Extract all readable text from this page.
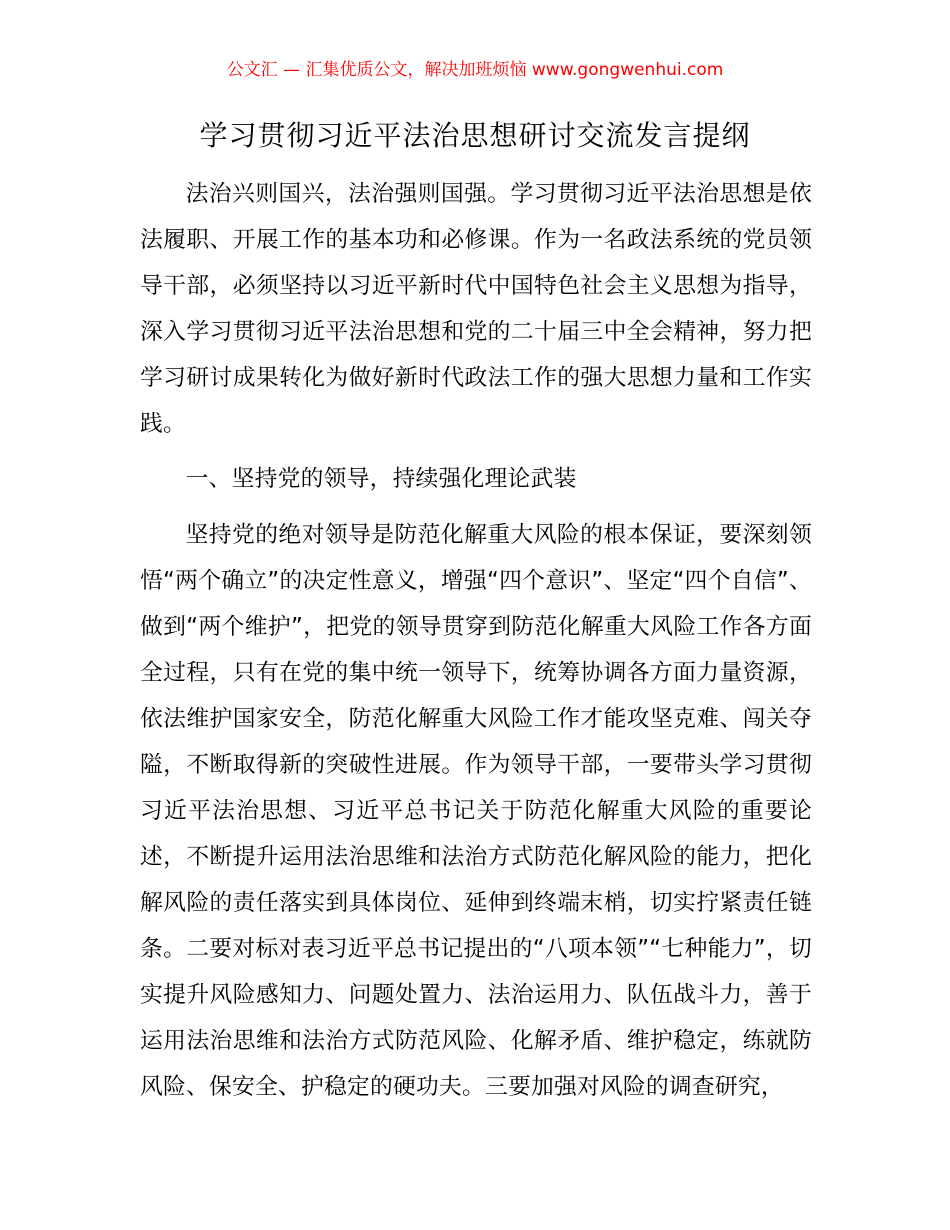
公文汇 — 汇集优质公文，解决加班烦恼 www.gongwenhui.com
学习贯彻习近平法治思想研讨交流发言提纲

法治兴则国兴，法治强则国强。学习贯彻习近平法治思想是依法履职、开展工作的基本功和必修课。作为一名政法系统的党员领导干部，必须坚持以习近平新时代中国特色社会主义思想为指导，深入学习贯彻习近平法治思想和党的二十届三中全会精神，努力把学习研讨成果转化为做好新时代政法工作的强大思想力量和工作实践。

一、坚持党的领导，持续强化理论武装

坚持党的绝对领导是防范化解重大风险的根本保证，要深刻领悟“两个确立”的决定性意义，增强“四个意识”、坚定“四个自信”、做到“两个维护”，把党的领导贯穿到防范化解重大风险工作各方面全过程，只有在党的集中统一领导下，统筹协调各方面力量资源，依法维护国家安全，防范化解重大风险工作才能攻坚克难、闯关夺隘，不断取得新的突破性进展。作为领导干部，一要带头学习贯彻习近平法治思想、习近平总书记关于防范化解重大风险的重要论述，不断提升运用法治思维和法治方式防范化解风险的能力，把化解风险的责任落实到具体岗位、延伸到终端末梢，切实拧紧责任链条。二要对标对表习近平总书记提出的“八项本领”“七种能力”，切实提升风险感知力、问题处置力、法治运用力、队伍战斗力，善于运用法治思维和法治方式防范风险、化解矛盾、维护稳定，练就防风险、保安全、护稳定的硬功夫。三要加强对风险的调查研究，
